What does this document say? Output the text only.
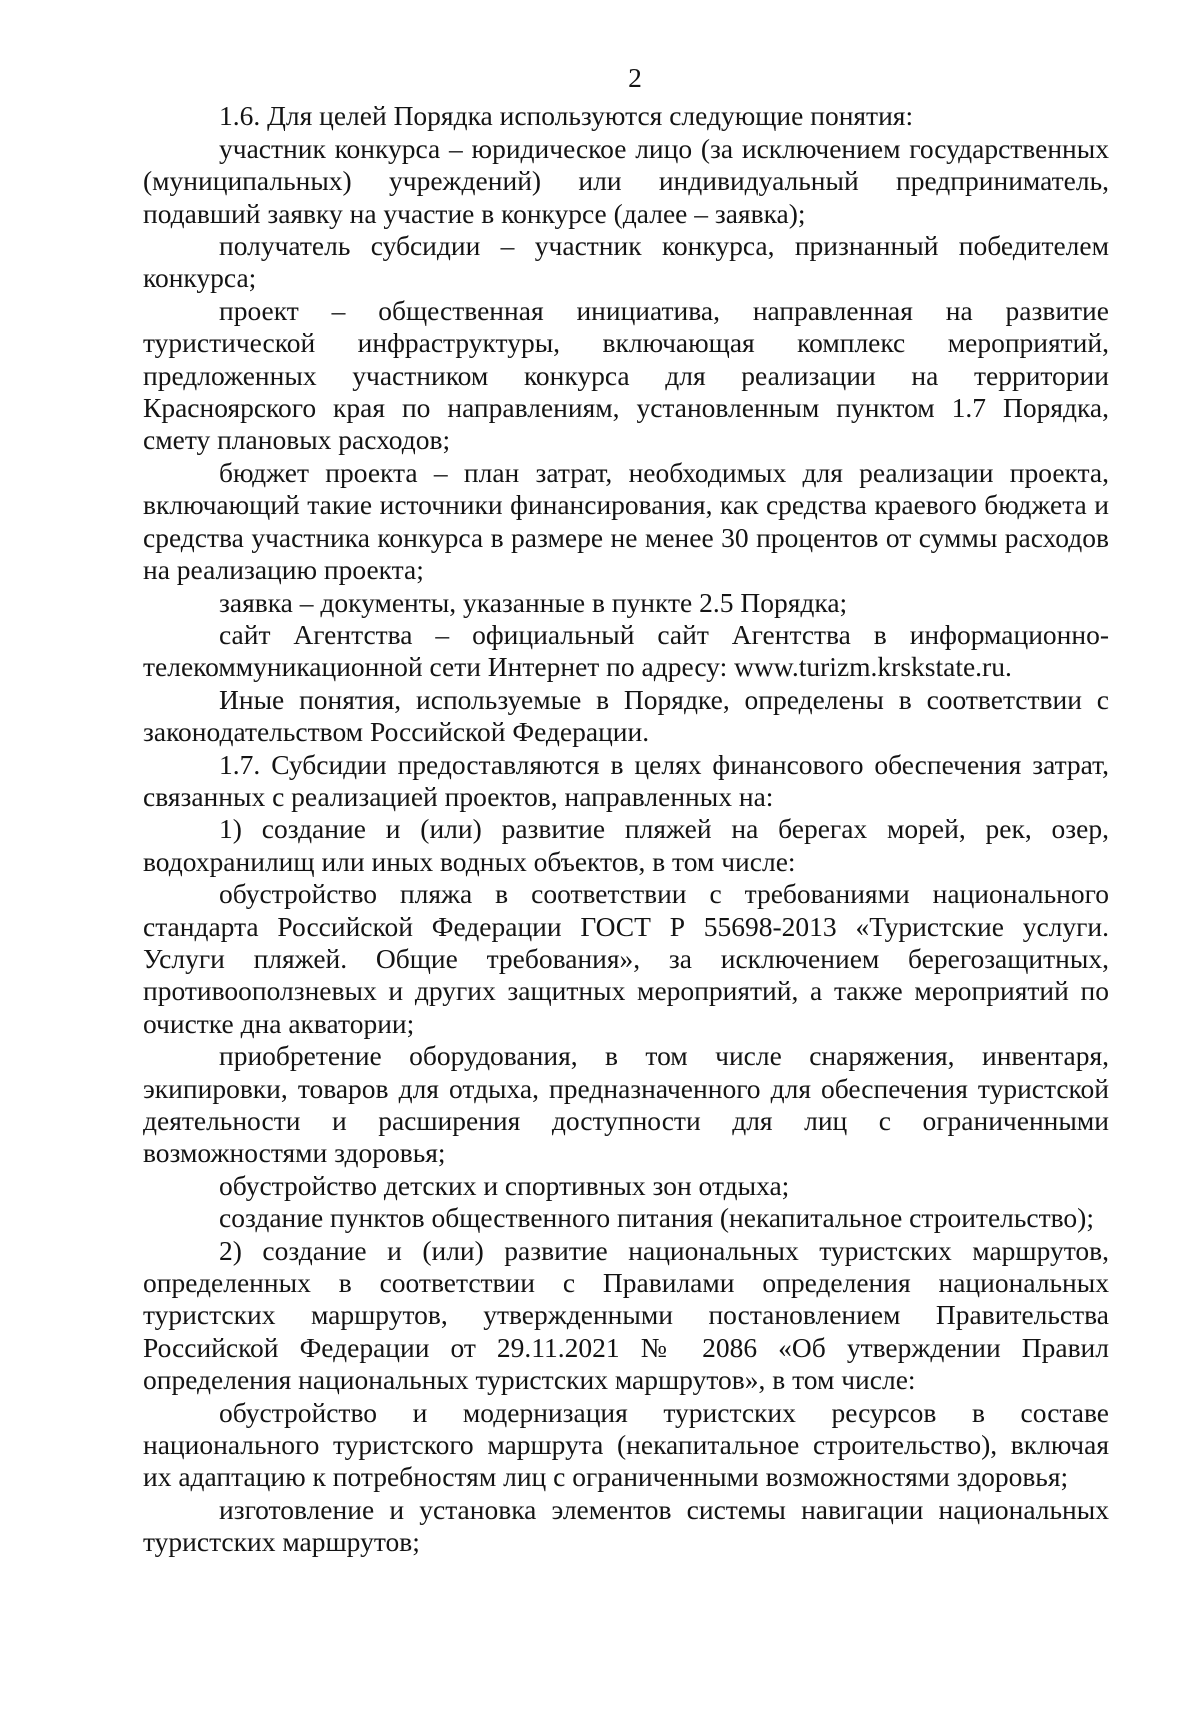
2

1.6. Для целей Порядка используются следующие понятия:

участник конкурса – юридическое лицо (за исключением государственных (муниципальных) учреждений) или индивидуальный предприниматель, подавший заявку на участие в конкурсе (далее – заявка);

получатель субсидии – участник конкурса, признанный победителем конкурса;

проект – общественная инициатива, направленная на развитие туристической инфраструктуры, включающая комплекс мероприятий, предложенных участником конкурса для реализации на территории Красноярского края по направлениям, установленным пунктом 1.7 Порядка, смету плановых расходов;

бюджет проекта – план затрат, необходимых для реализации проекта, включающий такие источники финансирования, как средства краевого бюджета и средства участника конкурса в размере не менее 30 процентов от суммы расходов на реализацию проекта;

заявка – документы, указанные в пункте 2.5 Порядка;

сайт Агентства – официальный сайт Агентства в информационно-телекоммуникационной сети Интернет по адресу: www.turizm.krskstate.ru.

Иные понятия, используемые в Порядке, определены в соответствии с законодательством Российской Федерации.

1.7. Субсидии предоставляются в целях финансового обеспечения затрат, связанных с реализацией проектов, направленных на:

1) создание и (или) развитие пляжей на берегах морей, рек, озер, водохранилищ или иных водных объектов, в том числе:

обустройство пляжа в соответствии с требованиями национального стандарта Российской Федерации ГОСТ Р 55698-2013 «Туристские услуги. Услуги пляжей. Общие требования», за исключением берегозащитных, противооползневых и других защитных мероприятий, а также мероприятий по очистке дна акватории;

приобретение оборудования, в том числе снаряжения, инвентаря, экипировки, товаров для отдыха, предназначенного для обеспечения туристской деятельности и расширения доступности для лиц с ограниченными возможностями здоровья;

обустройство детских и спортивных зон отдыха;

создание пунктов общественного питания (некапитальное строительство);

2) создание и (или) развитие национальных туристских маршрутов, определенных в соответствии с Правилами определения национальных туристских маршрутов, утвержденными постановлением Правительства Российской Федерации от 29.11.2021 № 2086 «Об утверждении Правил определения национальных туристских маршрутов», в том числе:

обустройство и модернизация туристских ресурсов в составе национального туристского маршрута (некапитальное строительство), включая их адаптацию к потребностям лиц с ограниченными возможностями здоровья;

изготовление и установка элементов системы навигации национальных туристских маршрутов;
